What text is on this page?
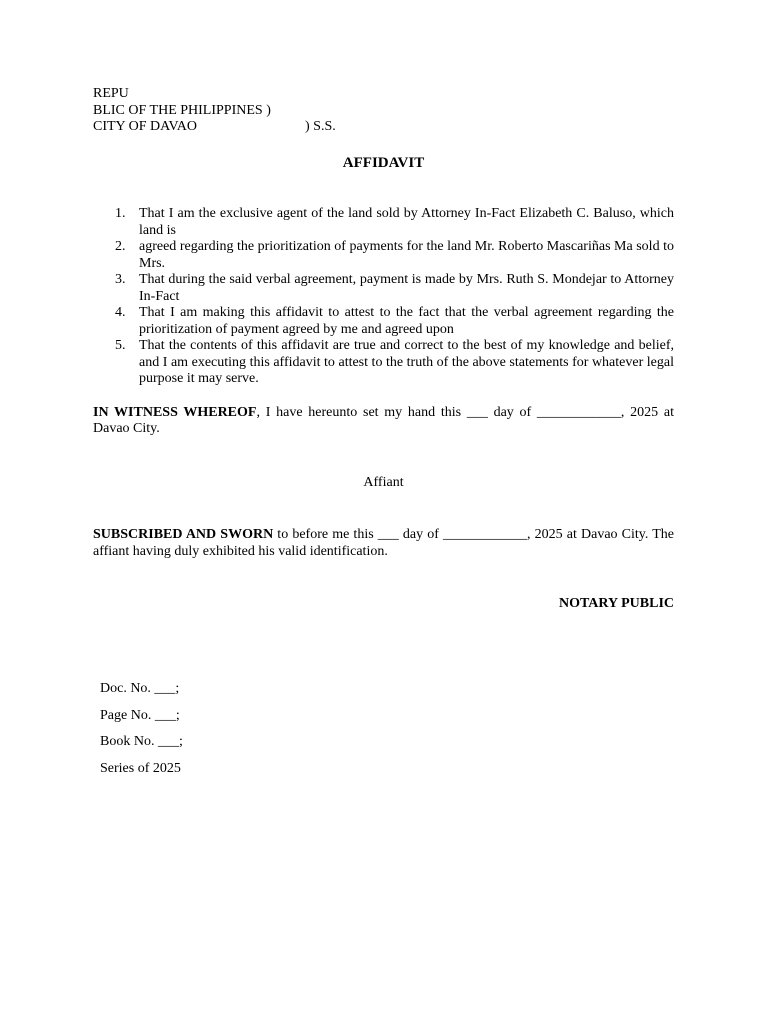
REPU
BLIC OF THE PHILIPPINES )
CITY OF DAVAO	) S.S.
AFFIDAVIT
1. That I am the exclusive agent of the land sold by Attorney In-Fact Elizabeth C. Baluso, which land is
2. agreed regarding the prioritization of payments for the land Mr. Roberto Mascariñas Ma sold to Mrs.
3. That during the said verbal agreement, payment is made by Mrs. Ruth S. Mondejar to Attorney In-Fact
4. That I am making this affidavit to attest to the fact that the verbal agreement regarding the prioritization of payment agreed by me and agreed upon
5. That the contents of this affidavit are true and correct to the best of my knowledge and belief, and I am executing this affidavit to attest to the truth of the above statements for whatever legal purpose it may serve.
IN WITNESS WHEREOF, I have hereunto set my hand this ___ day of ____________, 2025 at Davao City.
Affiant
SUBSCRIBED AND SWORN to before me this ___ day of ____________, 2025 at Davao City. The affiant having duly exhibited his valid identification.
NOTARY PUBLIC
Doc. No. ___;
Page No. ___;
Book No. ___;
Series of 2025
